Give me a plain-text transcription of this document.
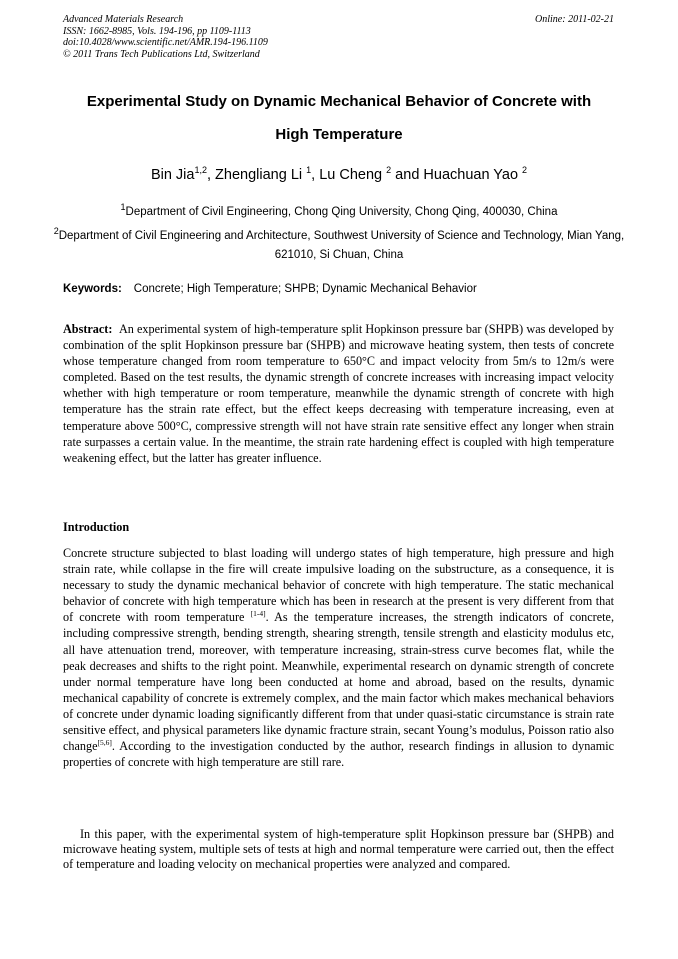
Advanced Materials Research
ISSN: 1662-8985, Vols. 194-196, pp 1109-1113
doi:10.4028/www.scientific.net/AMR.194-196.1109
© 2011 Trans Tech Publications Ltd, Switzerland
Online: 2011-02-21
Experimental Study on Dynamic Mechanical Behavior of Concrete with
High Temperature
Bin Jia$^{1,2}$, Zhengliang Li $^1$, Lu Cheng $^2$ and Huachuan Yao $^2$
$^1$Department of Civil Engineering, Chong Qing University, Chong Qing, 400030, China
$^2$Department of Civil Engineering and Architecture, Southwest University of Science and Technology, Mian Yang, 621010, Si Chuan, China
Keywords: Concrete; High Temperature; SHPB; Dynamic Mechanical Behavior
Abstract: An experimental system of high-temperature split Hopkinson pressure bar (SHPB) was developed by combination of the split Hopkinson pressure bar (SHPB) and microwave heating system, then tests of concrete whose temperature changed from room temperature to 650°C and impact velocity from 5m/s to 12m/s were completed. Based on the test results, the dynamic strength of concrete increases with increasing impact velocity whether with high temperature or room temperature, meanwhile the dynamic strength of concrete with high temperature has the strain rate effect, but the effect keeps decreasing with temperature increasing, even at temperature above 500°C, compressive strength will not have strain rate sensitive effect any longer when strain rate surpasses a certain value. In the meantime, the strain rate hardening effect is coupled with high temperature weakening effect, but the latter has greater influence.
Introduction
Concrete structure subjected to blast loading will undergo states of high temperature, high pressure and high strain rate, while collapse in the fire will create impulsive loading on the substructure, as a consequence, it is necessary to study the dynamic mechanical behavior of concrete with high temperature. The static mechanical behavior of concrete with high temperature which has been in research at the present is very different from that of concrete with room temperature [1-4]. As the temperature increases, the strength indicators of concrete, including compressive strength, bending strength, shearing strength, tensile strength and elasticity modulus etc, all have attenuation trend, moreover, with temperature increasing, strain-stress curve becomes flat, while the peak decreases and shifts to the right point. Meanwhile, experimental research on dynamic strength of concrete under normal temperature have long been conducted at home and abroad, based on the results, dynamic mechanical capability of concrete is extremely complex, and the main factor which makes mechanical behaviors of concrete under dynamic loading significantly different from that under quasi-static circumstance is strain rate sensitive effect, and physical parameters like dynamic fracture strain, secant Young’s modulus, Poisson ratio also change[5,6]. According to the investigation conducted by the author, research findings in allusion to dynamic properties of concrete with high temperature are still rare.
In this paper, with the experimental system of high-temperature split Hopkinson pressure bar (SHPB) and microwave heating system, multiple sets of tests at high and normal temperature were carried out, then the effect of temperature and loading velocity on mechanical properties were analyzed and compared.
